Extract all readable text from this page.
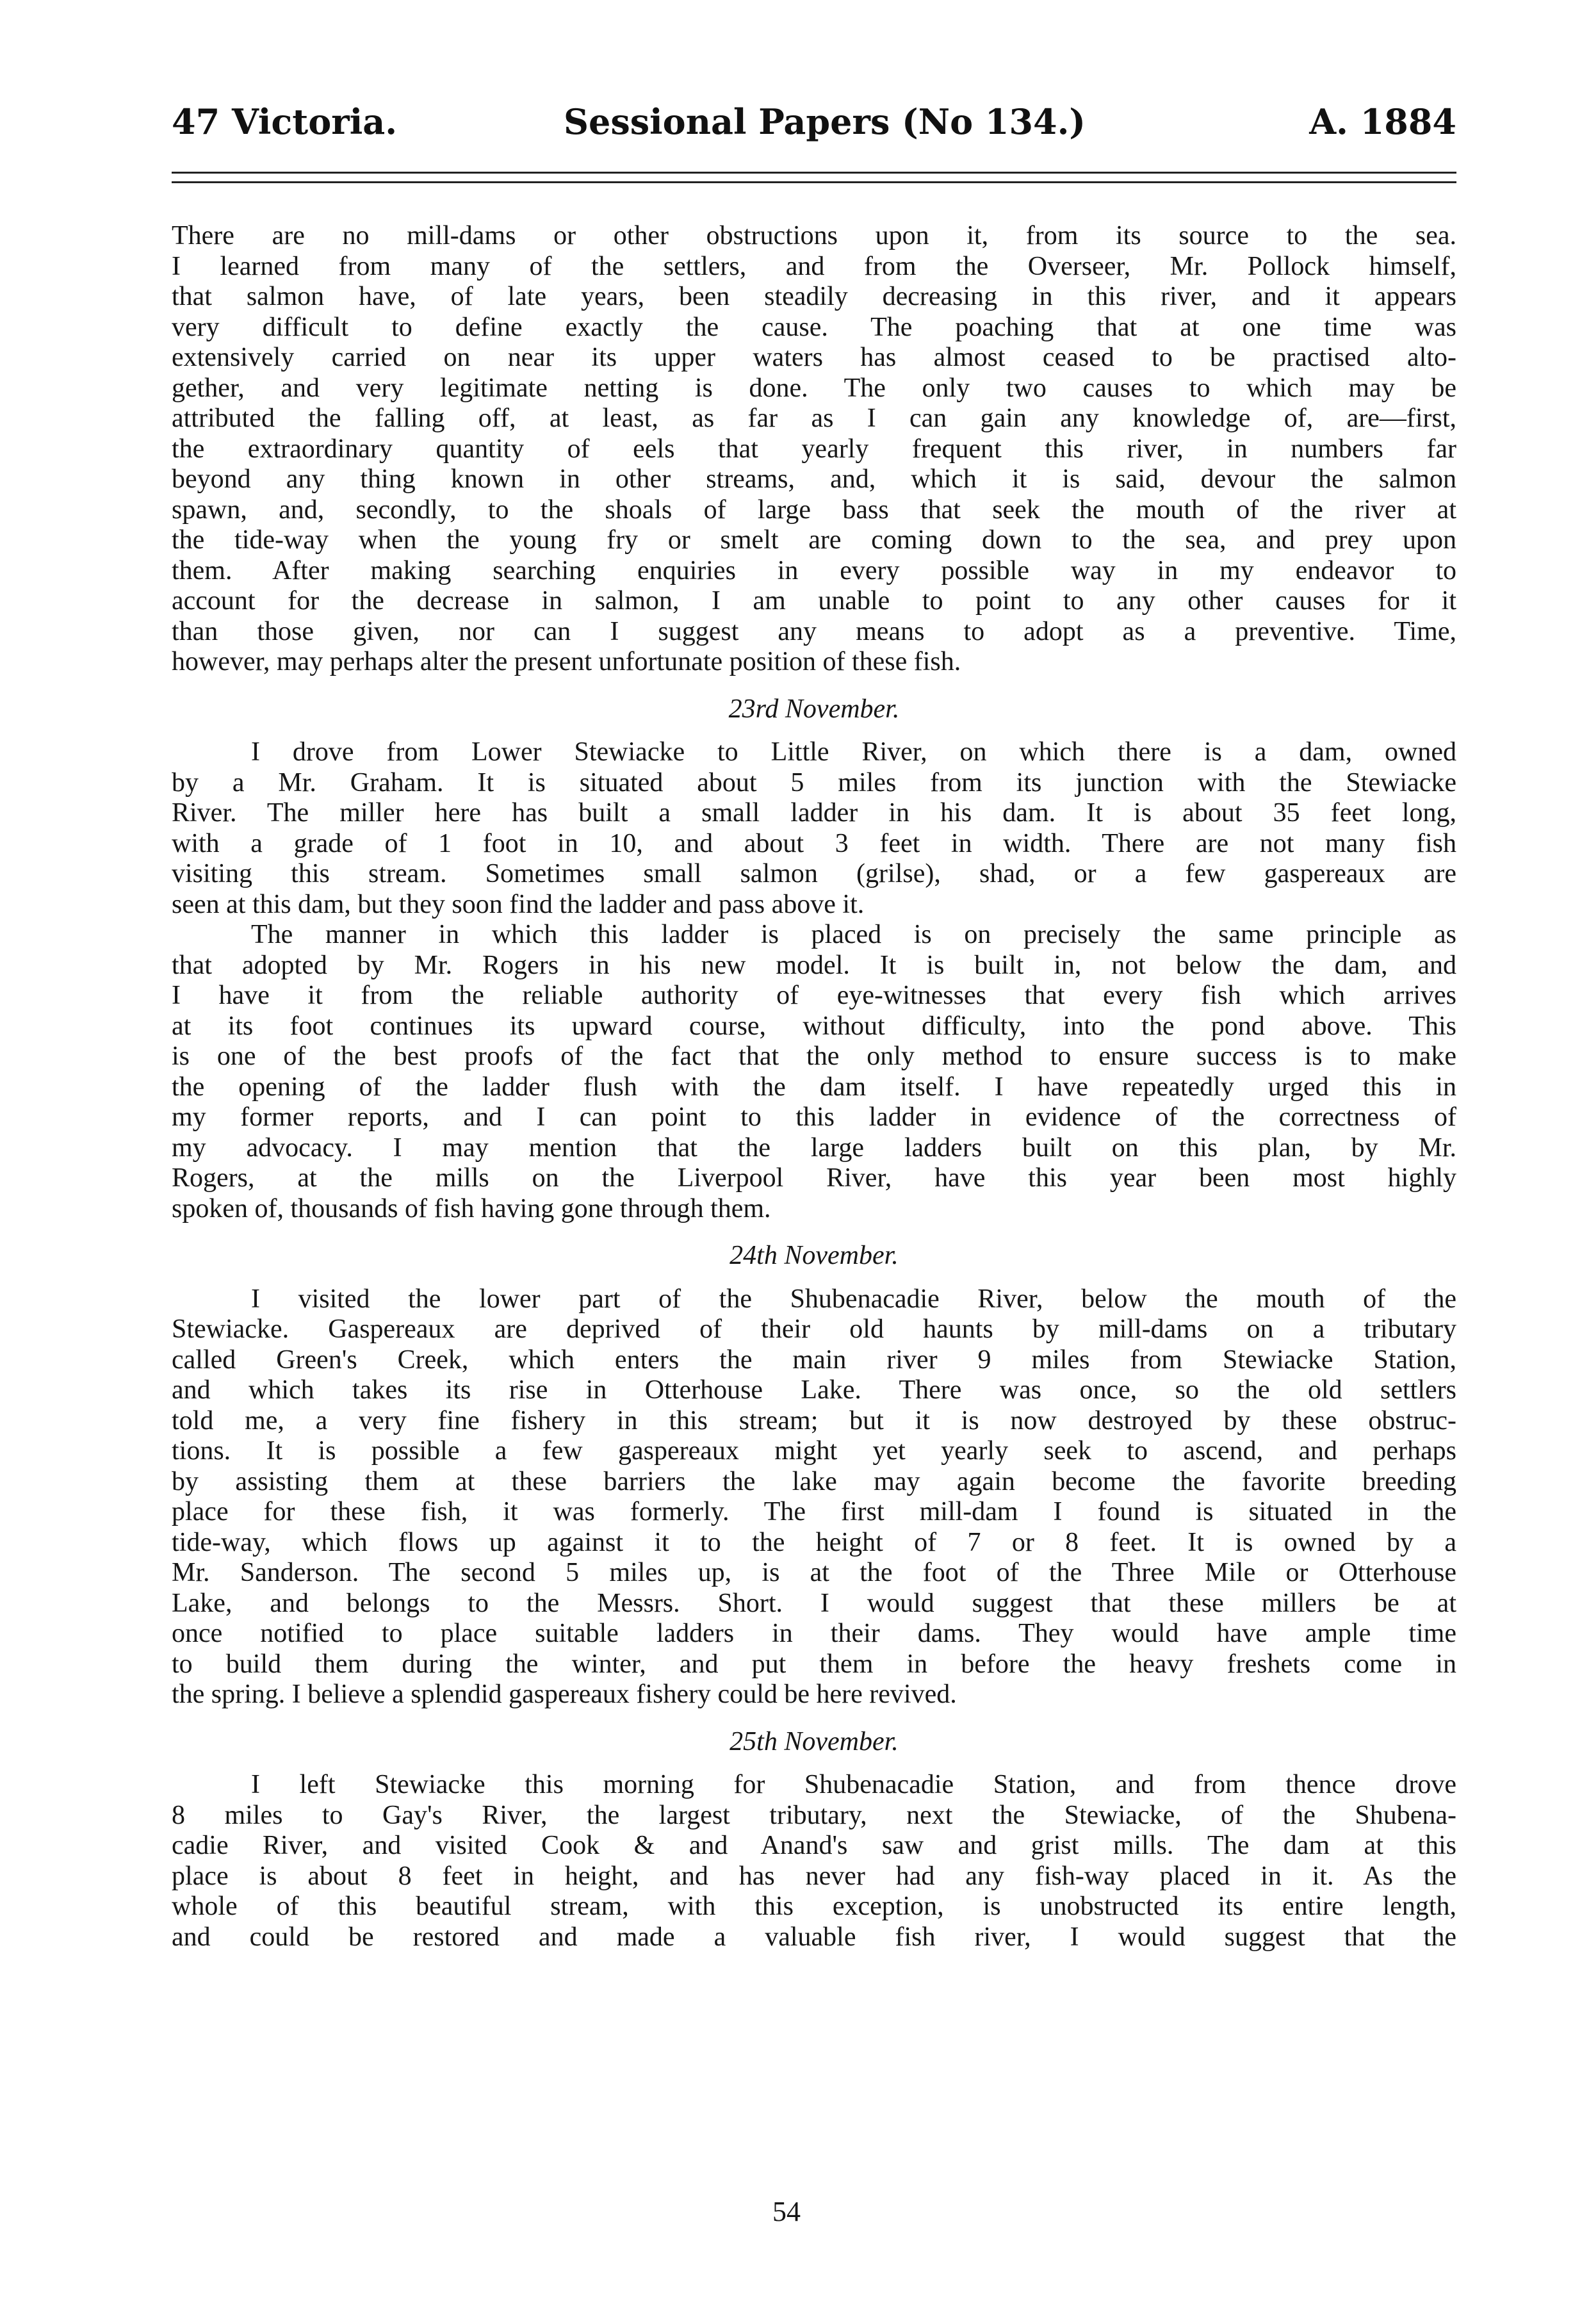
47 Victoria.	Sessional Papers (No 134.)	A. 1884

There are no mill-dams or other obstructions upon it, from its source to the sea.
I learned from many of the settlers, and from the Overseer, Mr. Pollock himself,
that salmon have, of late years, been steadily decreasing in this river, and it appears
very difficult to define exactly the cause. The poaching that at one time was
extensively carried on near its upper waters has almost ceased to be practised alto-
gether, and very legitimate netting is done. The only two causes to which may be
attributed the falling off, at least, as far as I can gain any knowledge of, are—first,
the extraordinary quantity of eels that yearly frequent this river, in numbers far
beyond any thing known in other streams, and, which it is said, devour the salmon
spawn, and, secondly, to the shoals of large bass that seek the mouth of the river at
the tide-way when the young fry or smelt are coming down to the sea, and prey upon
them. After making searching enquiries in every possible way in my endeavor to
account for the decrease in salmon, I am unable to point to any other causes for it
than those given, nor can I suggest any means to adopt as a preventive. Time,
however, may perhaps alter the present unfortunate position of these fish.

23rd November.

I drove from Lower Stewiacke to Little River, on which there is a dam, owned
by a Mr. Graham. It is situated about 5 miles from its junction with the Stewiacke
River. The miller here has built a small ladder in his dam. It is about 35 feet long,
with a grade of 1 foot in 10, and about 3 feet in width. There are not many fish
visiting this stream. Sometimes small salmon (grilse), shad, or a few gaspereaux are
seen at this dam, but they soon find the ladder and pass above it.

The manner in which this ladder is placed is on precisely the same principle as
that adopted by Mr. Rogers in his new model. It is built in, not below the dam, and
I have it from the reliable authority of eye-witnesses that every fish which arrives
at its foot continues its upward course, without difficulty, into the pond above. This
is one of the best proofs of the fact that the only method to ensure success is to make
the opening of the ladder flush with the dam itself. I have repeatedly urged this in
my former reports, and I can point to this ladder in evidence of the correctness of
my advocacy. I may mention that the large ladders built on this plan, by Mr.
Rogers, at the mills on the Liverpool River, have this year been most highly
spoken of, thousands of fish having gone through them.

24th November.

I visited the lower part of the Shubenacadie River, below the mouth of the
Stewiacke. Gaspereaux are deprived of their old haunts by mill-dams on a tributary
called Green's Creek, which enters the main river 9 miles from Stewiacke Station,
and which takes its rise in Otterhouse Lake. There was once, so the old settlers
told me, a very fine fishery in this stream; but it is now destroyed by these obstruc-
tions. It is possible a few gaspereaux might yet yearly seek to ascend, and perhaps
by assisting them at these barriers the lake may again become the favorite breeding
place for these fish, it was formerly. The first mill-dam I found is situated in the
tide-way, which flows up against it to the height of 7 or 8 feet. It is owned by a
Mr. Sanderson. The second 5 miles up, is at the foot of the Three Mile or Otterhouse
Lake, and belongs to the Messrs. Short. I would suggest that these millers be at
once notified to place suitable ladders in their dams. They would have ample time
to build them during the winter, and put them in before the heavy freshets come in
the spring. I believe a splendid gaspereaux fishery could be here revived.

25th November.

I left Stewiacke this morning for Shubenacadie Station, and from thence drove
8 miles to Gay's River, the largest tributary, next the Stewiacke, of the Shubena-
cadie River, and visited Cook & and Anand's saw and grist mills. The dam at this
place is about 8 feet in height, and has never had any fish-way placed in it. As the
whole of this beautiful stream, with this exception, is unobstructed its entire length,
and could be restored and made a valuable fish river, I would suggest that the

54
